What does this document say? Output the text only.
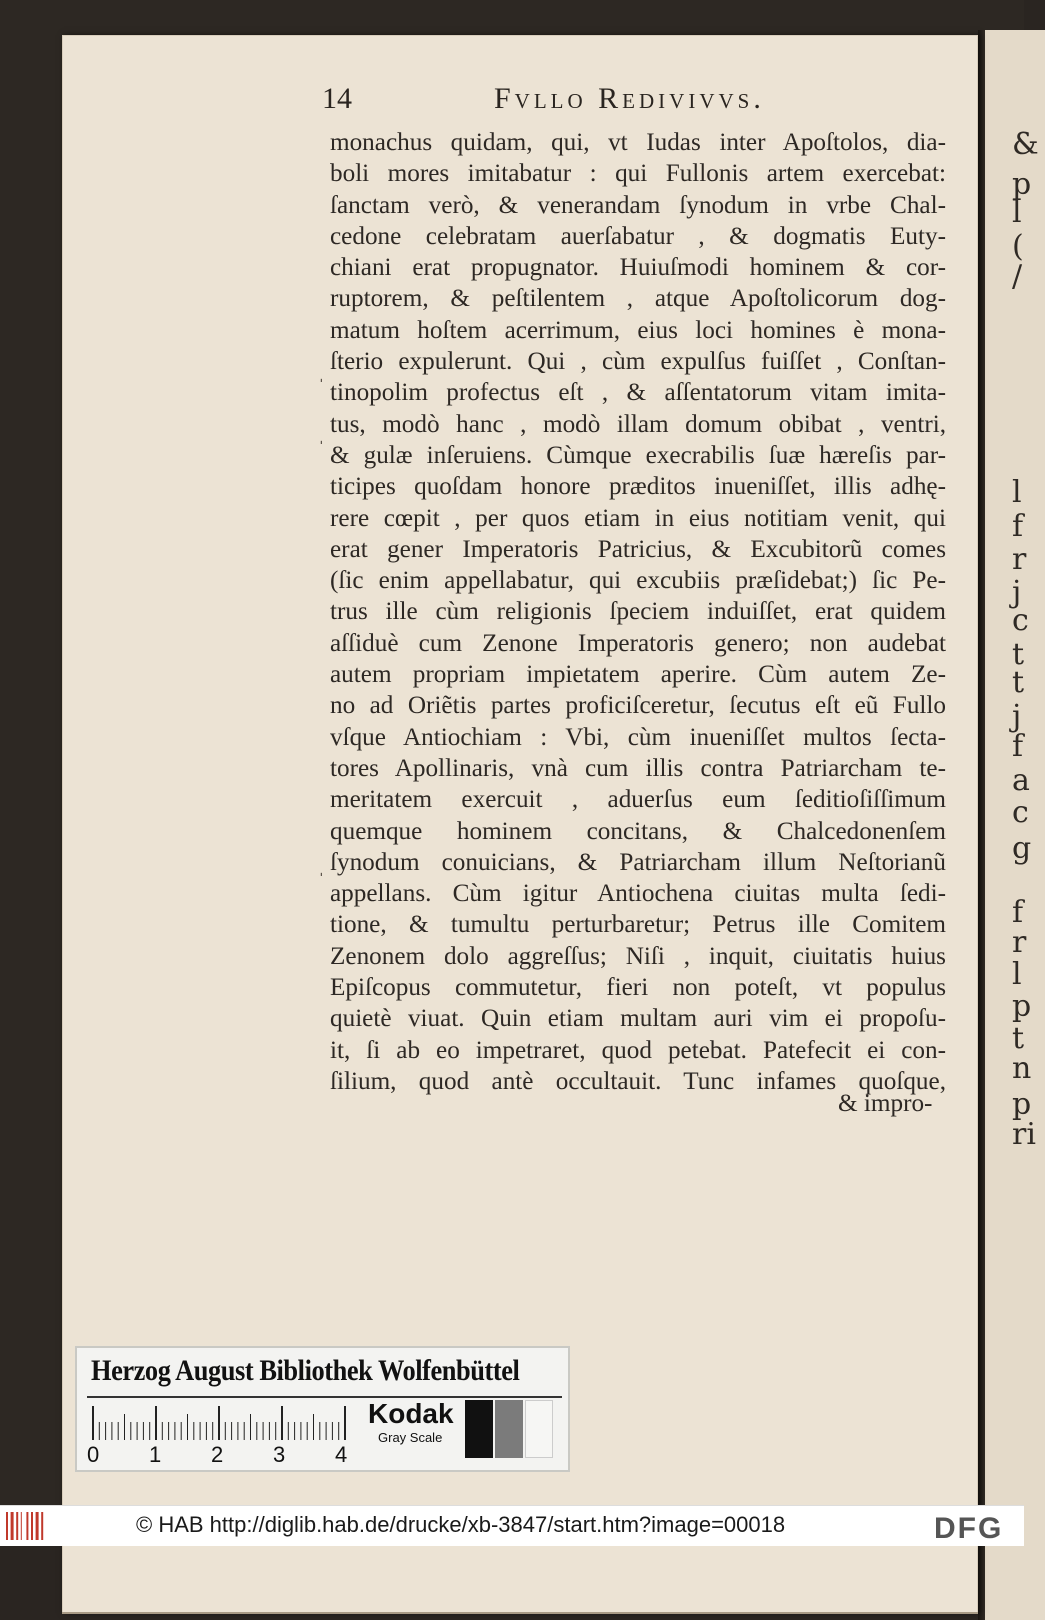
&
p
l
(
/
l
f
r
j
c
t
t
j
f
a
c
g
f
r
l
p
t
n
p
ri
14	Fvllo Redivivvs.
monachus quidam, qui, vt Iudas inter Apoſtolos, dia-
boli mores imitabatur : qui Fullonis artem exercebat:
ſanctam verò, & venerandam ſynodum in vrbe Chal-
cedone celebratam auerſabatur , & dogmatis Euty-
chiani erat propugnator. Huiuſmodi hominem & cor-
ruptorem, & peſtilentem , atque Apoſtolicorum dog-
matum hoſtem acerrimum, eius loci homines è mona-
ſterio expulerunt. Qui , cùm expulſus fuiſſet , Conſtan-
tinopolim profectus eſt , & aſſentatorum vitam imita-
tus, modò hanc , modò illam domum obibat , ventri,
& gulæ inſeruiens. Cùmque execrabilis ſuæ hæreſis par-
ticipes quoſdam honore præditos inueniſſet, illis adhę-
rere cœpit , per quos etiam in eius notitiam venit, qui
erat gener Imperatoris Patricius, & Excubitorũ comes
(ſic enim appellabatur, qui excubiis præſidebat;) ſic Pe-
trus ille cùm religionis ſpeciem induiſſet, erat quidem
aſſiduè cum Zenone Imperatoris genero; non audebat
autem propriam impietatem aperire. Cùm autem Ze-
no ad Oriẽtis partes proficiſceretur, ſecutus eſt eũ Fullo
vſque Antiochiam : Vbi, cùm inueniſſet multos ſecta-
tores Apollinaris, vnà cum illis contra Patriarcham te-
meritatem exercuit , aduerſus eum ſeditioſiſſimum
quemque hominem concitans, & Chalcedonenſem
ſynodum conuicians, & Patriarcham illum Neſtorianũ
appellans. Cùm igitur Antiochena ciuitas multa ſedi-
tione, & tumultu perturbaretur; Petrus ille Comitem
Zenonem dolo aggreſſus; Niſi , inquit, ciuitatis huius
Epiſcopus commutetur, fieri non poteſt, vt populus
quietè viuat. Quin etiam multam auri vim ei propoſu-
it, ſi ab eo impetraret, quod petebat. Patefecit ei con-
ſilium, quod antè occultauit. Tunc infames quoſque,
& impro-
ˈ
ˈ
ˈ
Herzog August Bibliothek Wolfenbüttel
0 1 2 3 4
Kodak
Gray Scale
© HAB http://diglib.hab.de/drucke/xb-3847/start.htm?image=00018	DFG
